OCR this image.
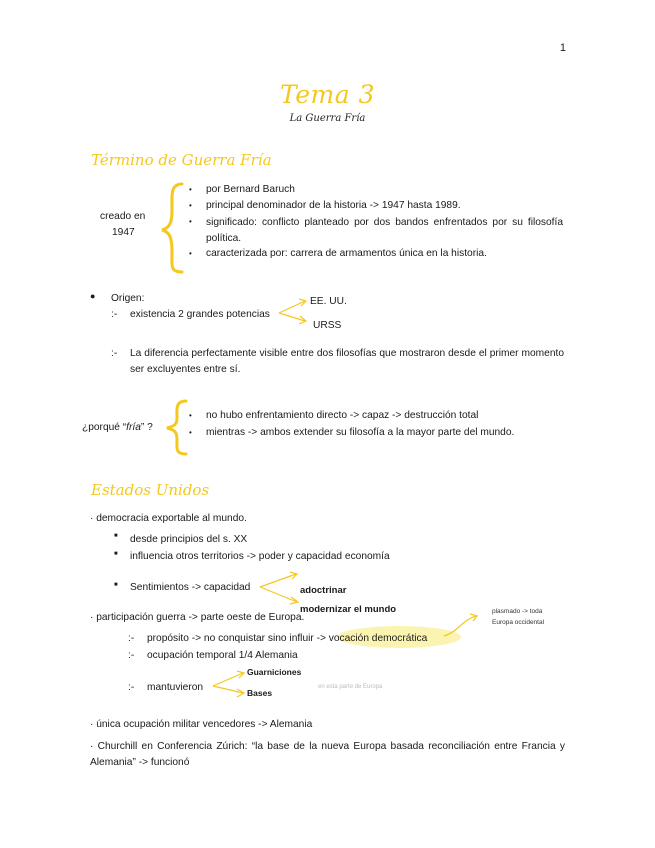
1
Tema 3
La Guerra Fría
Término de Guerra Fría
creado en
1947
• por Bernard Baruch
• principal denominador de la historia -> 1947 hasta 1989.
• significado: conflicto planteado por dos bandos enfrentados por su filosofía política.
• caracterizada por: carrera de armamentos única en la historia.
● Origen:
:- existencia 2 grandes potencias
EE. UU.
URSS
:- La diferencia perfectamente visible entre dos filosofías que mostraron desde el primer momento ser excluyentes entre sí.
¿porqué “fría” ?
• no hubo enfrentamiento directo -> capaz -> destrucción total
• mientras -> ambos extender su filosofía a la mayor parte del mundo.
Estados Unidos
· democracia exportable al mundo.
■ desde principios del s. XX
■ influencia otros territorios -> poder y capacidad economía
■ Sentimientos -> capacidad	adoctrinar
modernizar el mundo
· participación guerra -> parte oeste de Europa.
plasmado -> toda
Europa occidental
:- propósito -> no conquistar sino influir -> vocación democrática
:- ocupación temporal 1/4 Alemania
:- mantuvieron
Guarniciones
Bases
en esta parte de Europa
· única ocupación militar vencedores -> Alemania
· Churchill en Conferencia Zúrich: “la base de la nueva Europa basada reconciliación entre Francia y Alemania” -> funcionó
